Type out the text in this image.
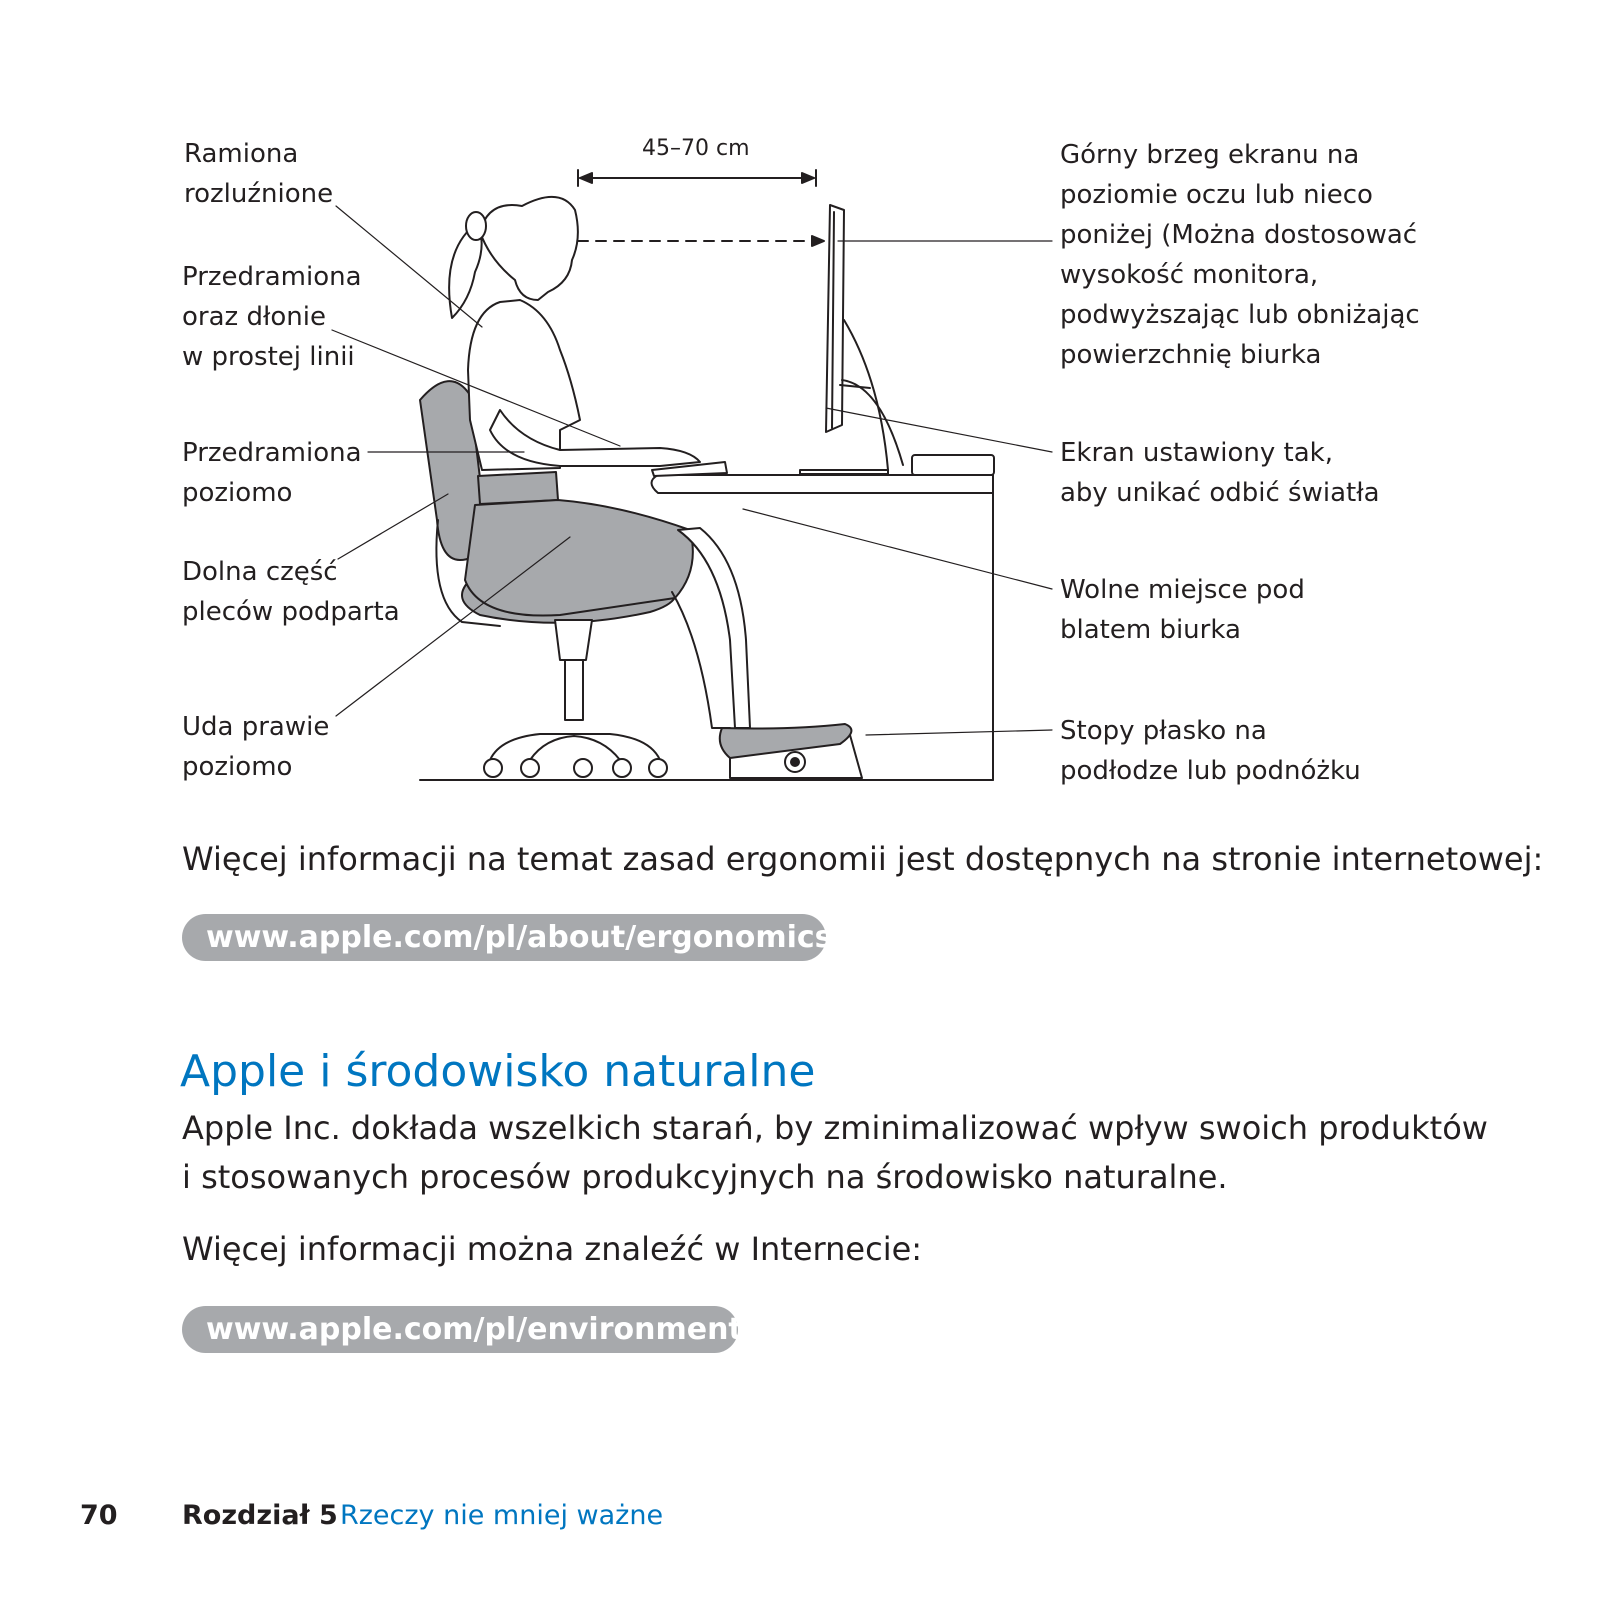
45–70 cm
Ramiona
rozluźnione
Przedramiona
oraz dłonie
w prostej linii
Przedramiona
poziomo
Dolna część
pleców podparta
Uda prawie
poziomo
Górny brzeg ekranu na
poziomie oczu lub nieco
poniżej (Można dostosować
wysokość monitora,
podwyższając lub obniżając
powierzchnię biurka
Ekran ustawiony tak,
aby unikać odbić światła
Wolne miejsce pod
blatem biurka
Stopy płasko na
podłodze lub podnóżku
Więcej informacji na temat zasad ergonomii jest dostępnych na stronie internetowej:
www.apple.com/pl/about/ergonomics
Apple i środowisko naturalne
Apple Inc. dokłada wszelkich starań, by zminimalizować wpływ swoich produktów
i stosowanych procesów produkcyjnych na środowisko naturalne.
Więcej informacji można znaleźć w Internecie:
www.apple.com/pl/environment
70 Rozdział 5 Rzeczy nie mniej ważne
